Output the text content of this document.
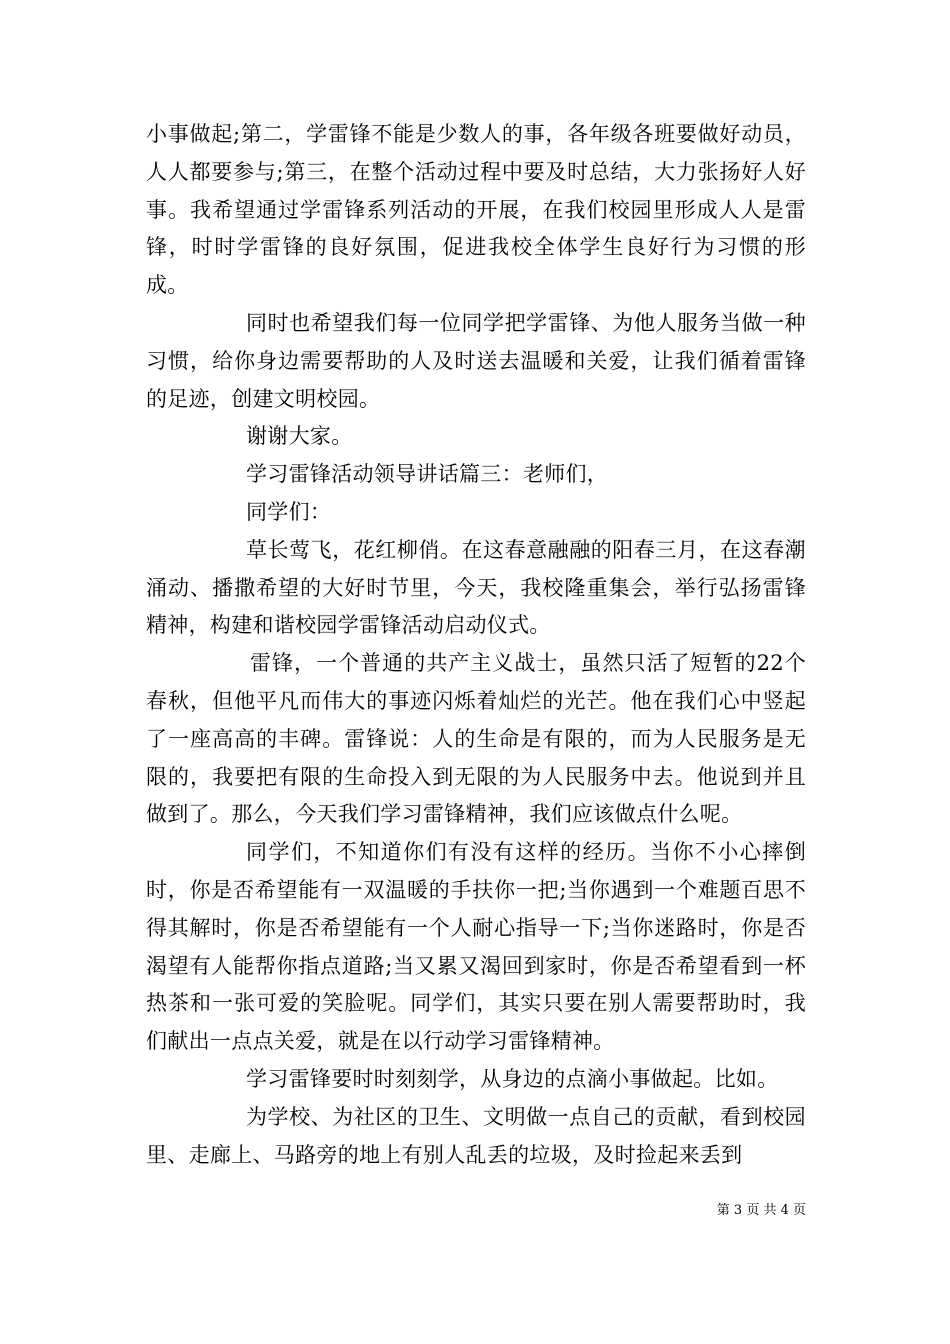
小事做起;第二，学雷锋不能是少数人的事，各年级各班要做好动员，人人都要参与;第三，在整个活动过程中要及时总结，大力张扬好人好事。我希望通过学雷锋系列活动的开展，在我们校园里形成人人是雷锋，时时学雷锋的良好氛围，促进我校全体学生良好行为习惯的形成。

同时也希望我们每一位同学把学雷锋、为他人服务当做一种习惯，给你身边需要帮助的人及时送去温暖和关爱，让我们循着雷锋的足迹，创建文明校园。

谢谢大家。

学习雷锋活动领导讲话篇三：老师们，

同学们：

草长莺飞，花红柳俏。在这春意融融的阳春三月，在这春潮涌动、播撒希望的大好时节里，今天，我校隆重集会，举行弘扬雷锋精神，构建和谐校园学雷锋活动启动仪式。

雷锋，一个普通的共产主义战士，虽然只活了短暂的22个春秋，但他平凡而伟大的事迹闪烁着灿烂的光芒。他在我们心中竖起了一座高高的丰碑。雷锋说：人的生命是有限的，而为人民服务是无限的，我要把有限的生命投入到无限的为人民服务中去。他说到并且做到了。那么，今天我们学习雷锋精神，我们应该做点什么呢。

同学们，不知道你们有没有这样的经历。当你不小心摔倒时，你是否希望能有一双温暖的手扶你一把;当你遇到一个难题百思不得其解时，你是否希望能有一个人耐心指导一下;当你迷路时，你是否渴望有人能帮你指点道路;当又累又渴回到家时，你是否希望看到一杯热茶和一张可爱的笑脸呢。同学们，其实只要在别人需要帮助时，我们献出一点点关爱，就是在以行动学习雷锋精神。

学习雷锋要时时刻刻学，从身边的点滴小事做起。比如。

为学校、为社区的卫生、文明做一点自己的贡献，看到校园里、走廊上、马路旁的地上有别人乱丢的垃圾，及时捡起来丢到

第 3 页 共 4 页
